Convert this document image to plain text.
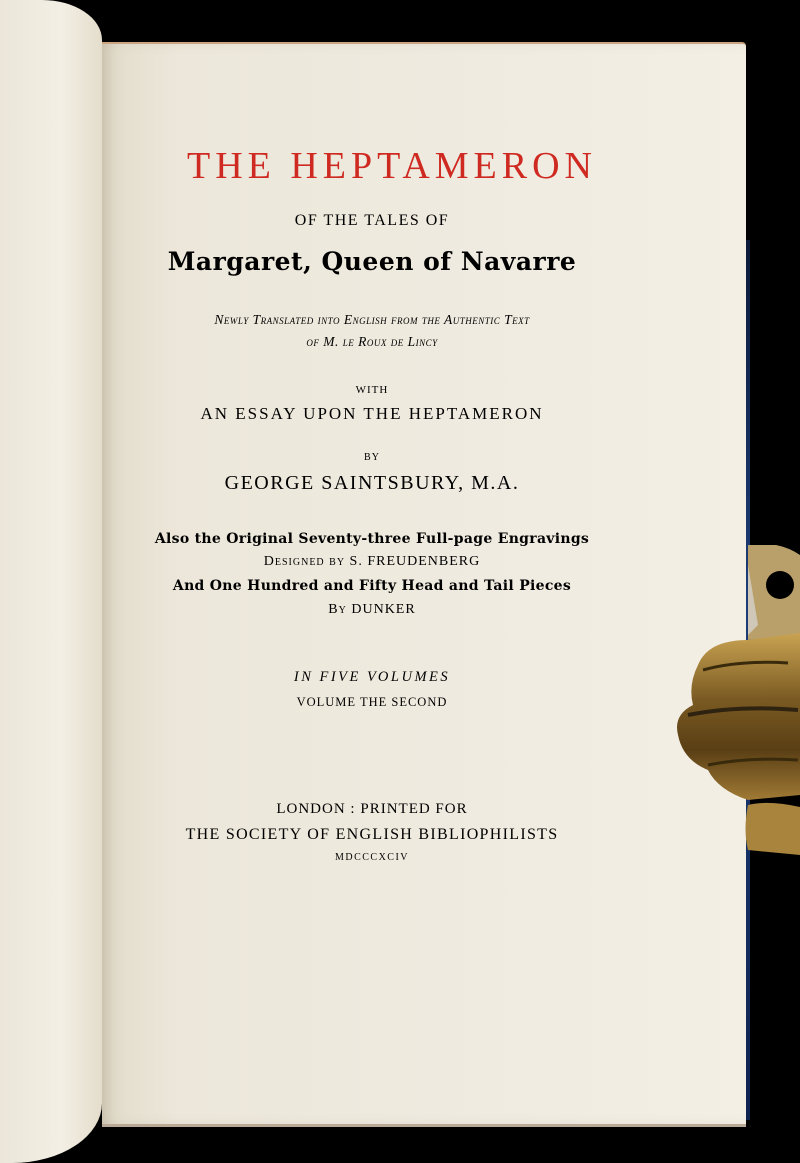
THE HEPTAMERON
OF THE TALES OF
Margaret, Queen of Navarre
Newly Translated into English from the Authentic Text
of M. le Roux de Lincy
WITH
AN ESSAY UPON THE HEPTAMERON
BY
GEORGE SAINTSBURY, M.A.
Also the Original Seventy-three Full-page Engravings
Designed by S. FREUDENBERG
And One Hundred and Fifty Head and Tail Pieces
By DUNKER
IN FIVE VOLUMES
VOLUME THE SECOND
LONDON : PRINTED FOR
THE SOCIETY OF ENGLISH BIBLIOPHILISTS
MDCCCXCIV
